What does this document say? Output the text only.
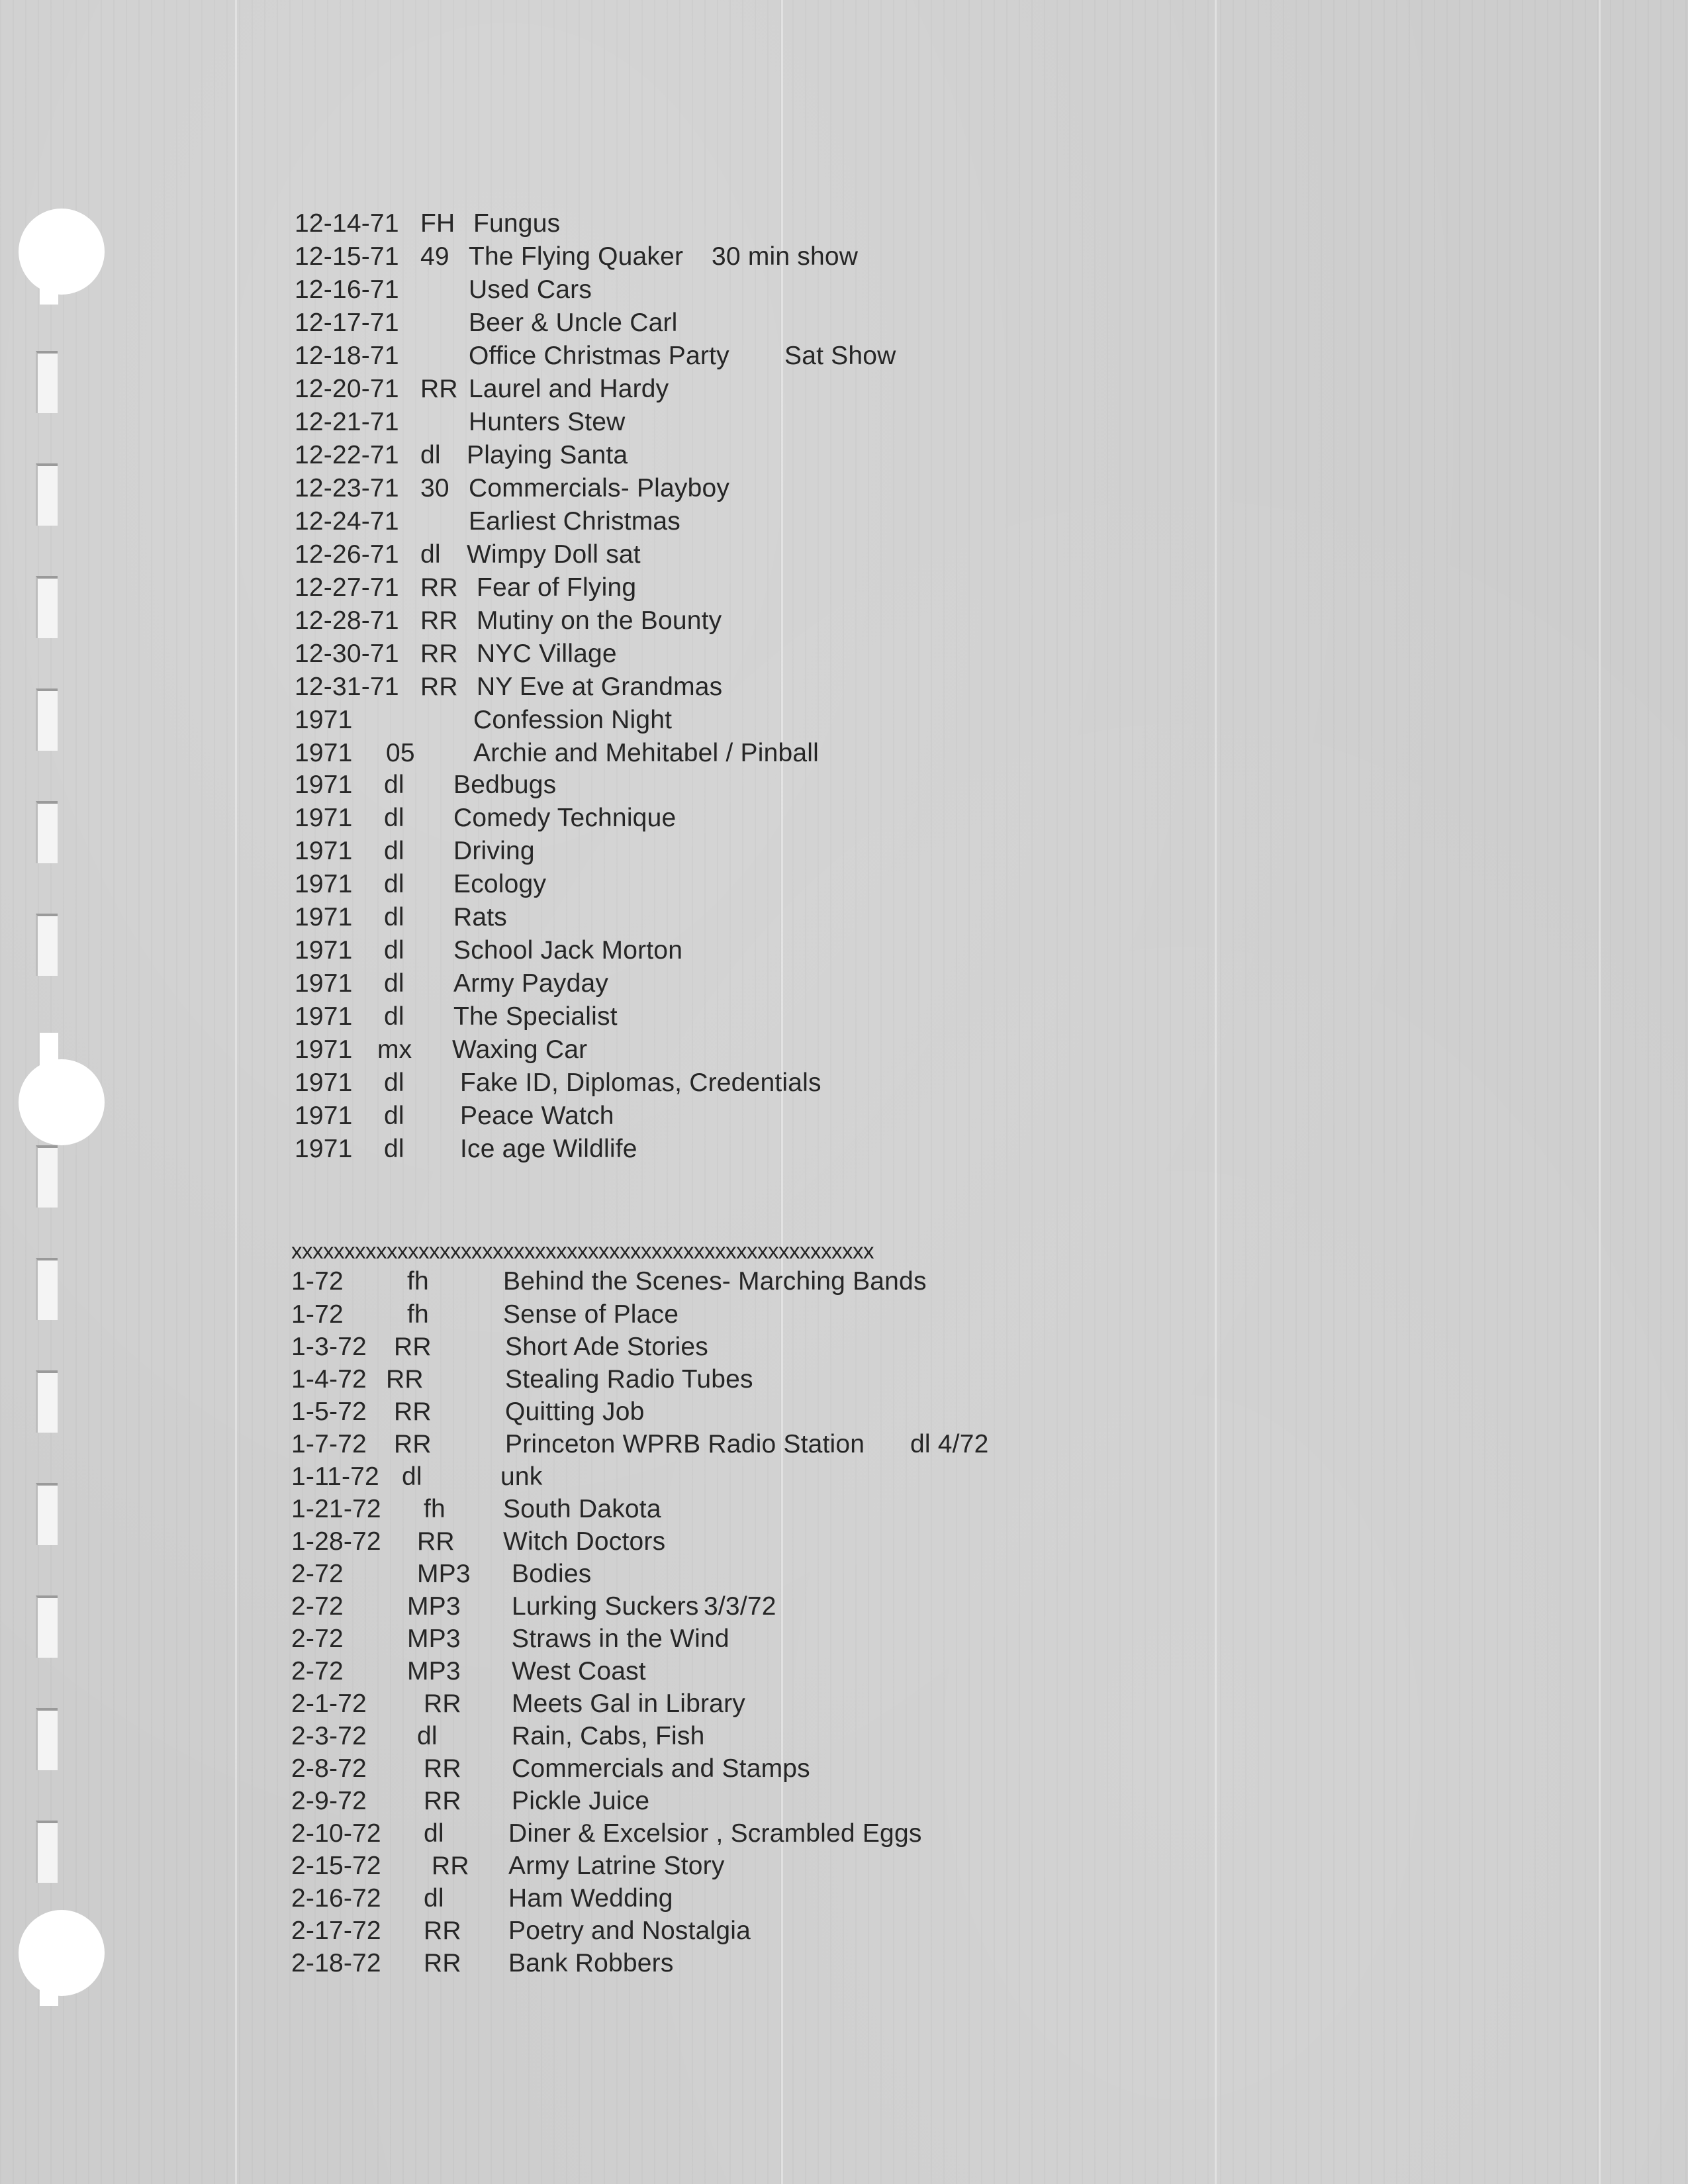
12-14-71 FH Fungus
12-15-71 49 The Flying Quaker 30 min show
12-16-71	Used Cars
12-17-71	Beer & Uncle Carl
12-18-71	Office Christmas Party Sat Show
12-20-71 RR Laurel and Hardy
12-21-71	Hunters Stew
12-22-71 dl Playing Santa
12-23-71 30 Commercials- Playboy
12-24-71	Earliest Christmas
12-26-71 dl Wimpy Doll sat
12-27-71 RR Fear of Flying
12-28-71 RR Mutiny on the Bounty
12-30-71 RR NYC Village
12-31-71 RR NY Eve at Grandmas
1971	Confession Night
1971 05 Archie and Mehitabel / Pinball
1971 dl Bedbugs
1971 dl Comedy Technique
1971 dl Driving
1971 dl Ecology
1971 dl Rats
1971 dl School Jack Morton
1971 dl Army Payday
1971 dl The Specialist
1971 mx Waxing Car
1971 dl Fake ID, Diplomas, Credentials
1971 dl Peace Watch
1971 dl Ice age Wildlife
xxxxxxxxxxxxxxxxxxxxxxxxxxxxxxxxxxxxxxxxxxxxxxxxxxxxxxx
1-72 fh	Behind the Scenes- Marching Bands
1-72 fh	Sense of Place
1-3-72 RR	Short Ade Stories
1-4-72 RR	Stealing Radio Tubes
1-5-72 RR	Quitting Job
1-7-72 RR	Princeton WPRB Radio Station dl 4/72
1-11-72 dl	unk
1-21-72 fh South Dakota
1-28-72 RR Witch Doctors
2-72	MP3 Bodies
2-72 MP3 Lurking Suckers 3/3/72
2-72 MP3 Straws in the Wind
2-72 MP3 West Coast
2-1-72 RR Meets Gal in Library
2-3-72 dl	Rain, Cabs, Fish
2-8-72 RR Commercials and Stamps
2-9-72 RR Pickle Juice
2-10-72 dl Diner & Excelsior , Scrambled Eggs
2-15-72 RR Army Latrine Story
2-16-72 dl Ham Wedding
2-17-72 RR Poetry and Nostalgia
2-18-72 RR Bank Robbers
